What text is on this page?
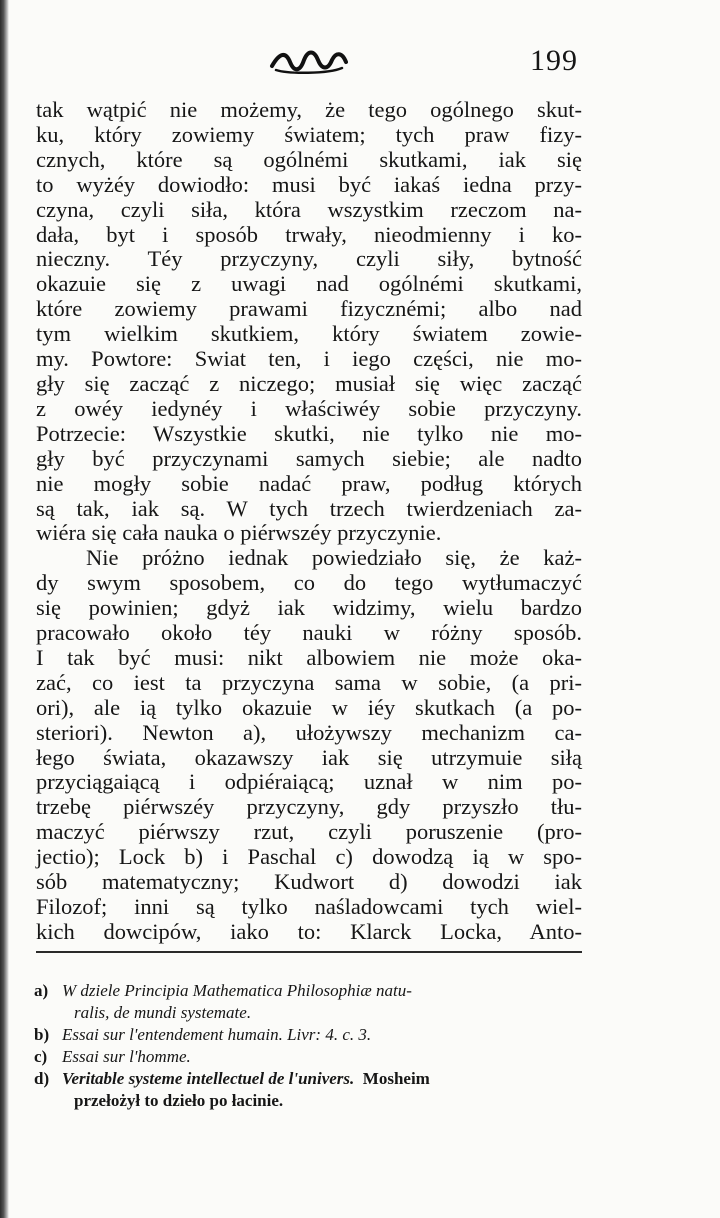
199
tak wątpić nie możemy, że tego ogólnego skut-
ku, który zowiemy światem; tych praw fizy-
cznych, które są ogólnémi skutkami, iak się
to wyżéy dowiodło: musi być iakaś iedna przy-
czyna, czyli siła, która wszystkim rzeczom na-
dała, byt i sposób trwały, nieodmienny i ko-
nieczny. Téy przyczyny, czyli siły, bytność
okazuie się z uwagi nad ogólnémi skutkami,
które zowiemy prawami fizycznémi; albo nad
tym wielkim skutkiem, który światem zowie-
my. Powtore: Swiat ten, i iego części, nie mo-
gły się zacząć z niczego; musiał się więc zacząć
z owéy iedynéy i właściwéy sobie przyczyny.
Potrzecie: Wszystkie skutki, nie tylko nie mo-
gły być przyczynami samych siebie; ale nadto
nie mogły sobie nadać praw, podług których
są tak, iak są. W tych trzech twierdzeniach za-
wiéra się cała nauka o piérwszéy przyczynie.
Nie próżno iednak powiedziało się, że każ-
dy swym sposobem, co do tego wytłumaczyć
się powinien; gdyż iak widzimy, wielu bardzo
pracowało około téy nauki w różny sposób.
I tak być musi: nikt albowiem nie może oka-
zać, co iest ta przyczyna sama w sobie, (a pri-
ori), ale ią tylko okazuie w iéy skutkach (a po-
steriori). Newton a), ułożywszy mechanizm ca-
łego świata, okazawszy iak się utrzymuie siłą
przyciągaiącą i odpiéraiącą; uznał w nim po-
trzebę piérwszéy przyczyny, gdy przyszło tłu-
maczyć piérwszy rzut, czyli poruszenie (pro-
jectio); Lock b) i Paschal c) dowodzą ią w spo-
sób matematyczny; Kudwort d) dowodzi iak
Filozof; inni są tylko naśladowcami tych wiel-
kich dowcipów, iako to: Klarck Locka, Anto-
a) W dziele Principia Mathematica Philosophiæ natu-
ralis, de mundi systemate.
b) Essai sur l'entendement humain. Livr: 4. c. 3.
c) Essai sur l'homme.
d) Veritable systeme intellectuel de l'univers. Mosheim
przełożył to dzieło po łacinie.
